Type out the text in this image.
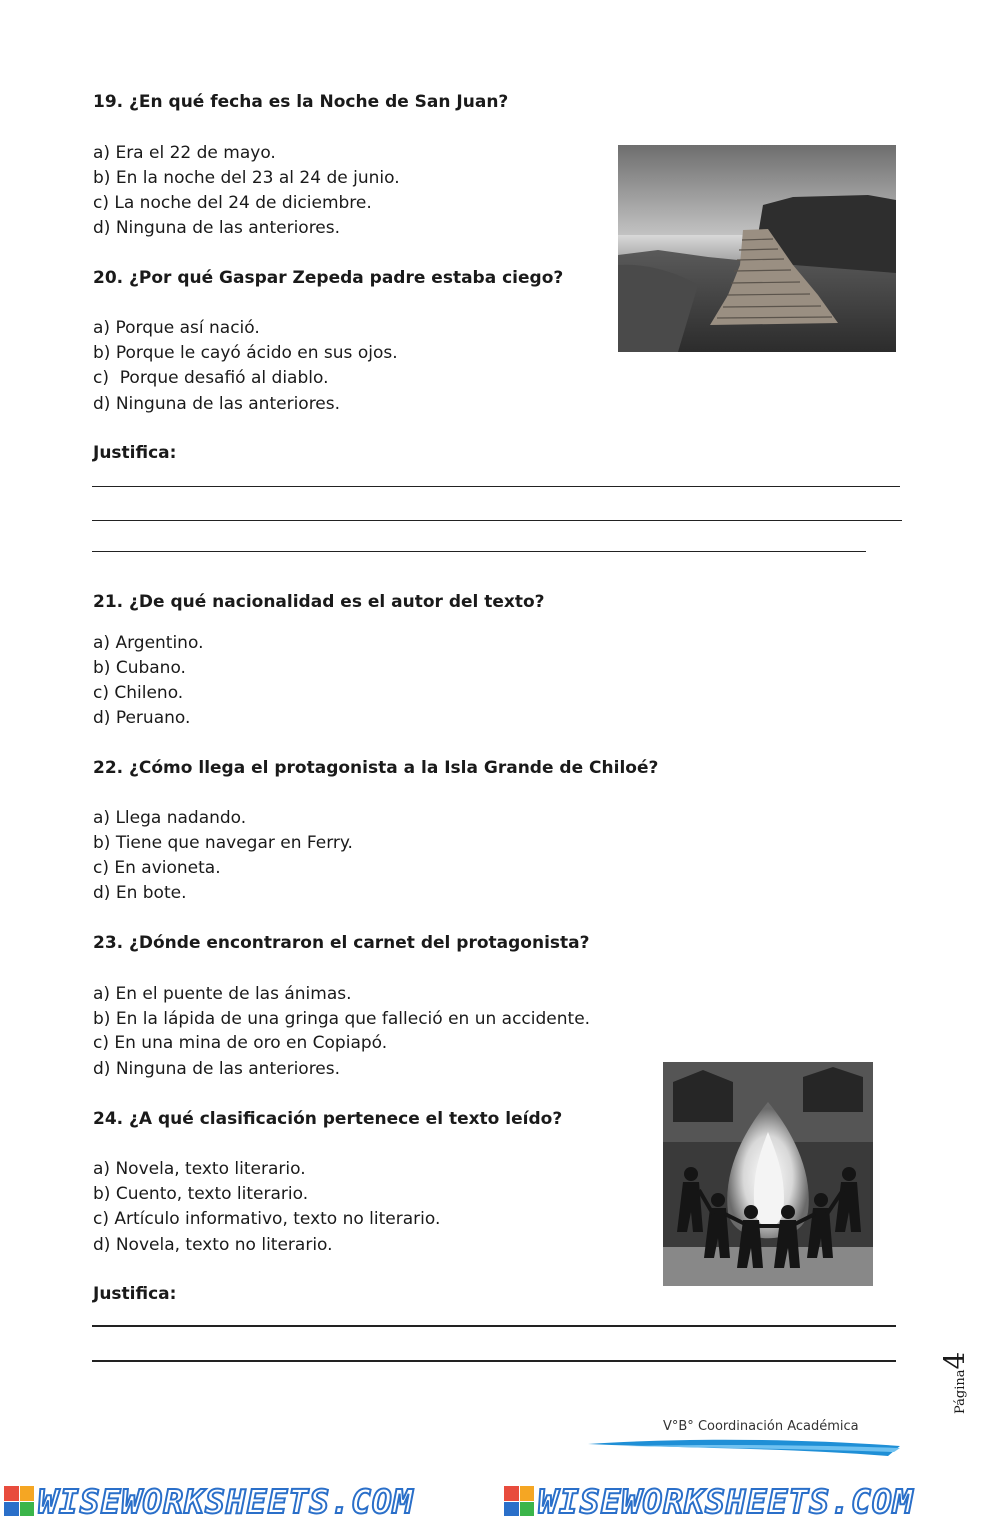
19. ¿En qué fecha es la Noche de San Juan?
a) Era el 22 de mayo.
b) En la noche del 23 al 24 de junio.
c) La noche del 24 de diciembre.
d) Ninguna de las anteriores.
20. ¿Por qué Gaspar Zepeda padre estaba ciego?
a) Porque así nació.
b) Porque le cayó ácido en sus ojos.
c)  Porque desafió al diablo.
d) Ninguna de las anteriores.
Justifica:
21. ¿De qué nacionalidad es el autor del texto?
a) Argentino.
b) Cubano.
c) Chileno.
d) Peruano.
22. ¿Cómo llega el protagonista a la Isla Grande de Chiloé?
a) Llega nadando.
b) Tiene que navegar en Ferry.
c) En avioneta.
d) En bote.
23. ¿Dónde encontraron el carnet del protagonista?
a) En el puente de las ánimas.
b) En la lápida de una gringa que falleció en un accidente.
c) En una mina de oro en Copiapó.
d) Ninguna de las anteriores.
24. ¿A qué clasificación pertenece el texto leído?
a) Novela, texto literario.
b) Cuento, texto literario.
c) Artículo informativo, texto no literario.
d) Novela, texto no literario.
Justifica:
Página4
V°B° Coordinación Académica
WISEWORKSHEETS.COM	WISEWORKSHEETS.COM
